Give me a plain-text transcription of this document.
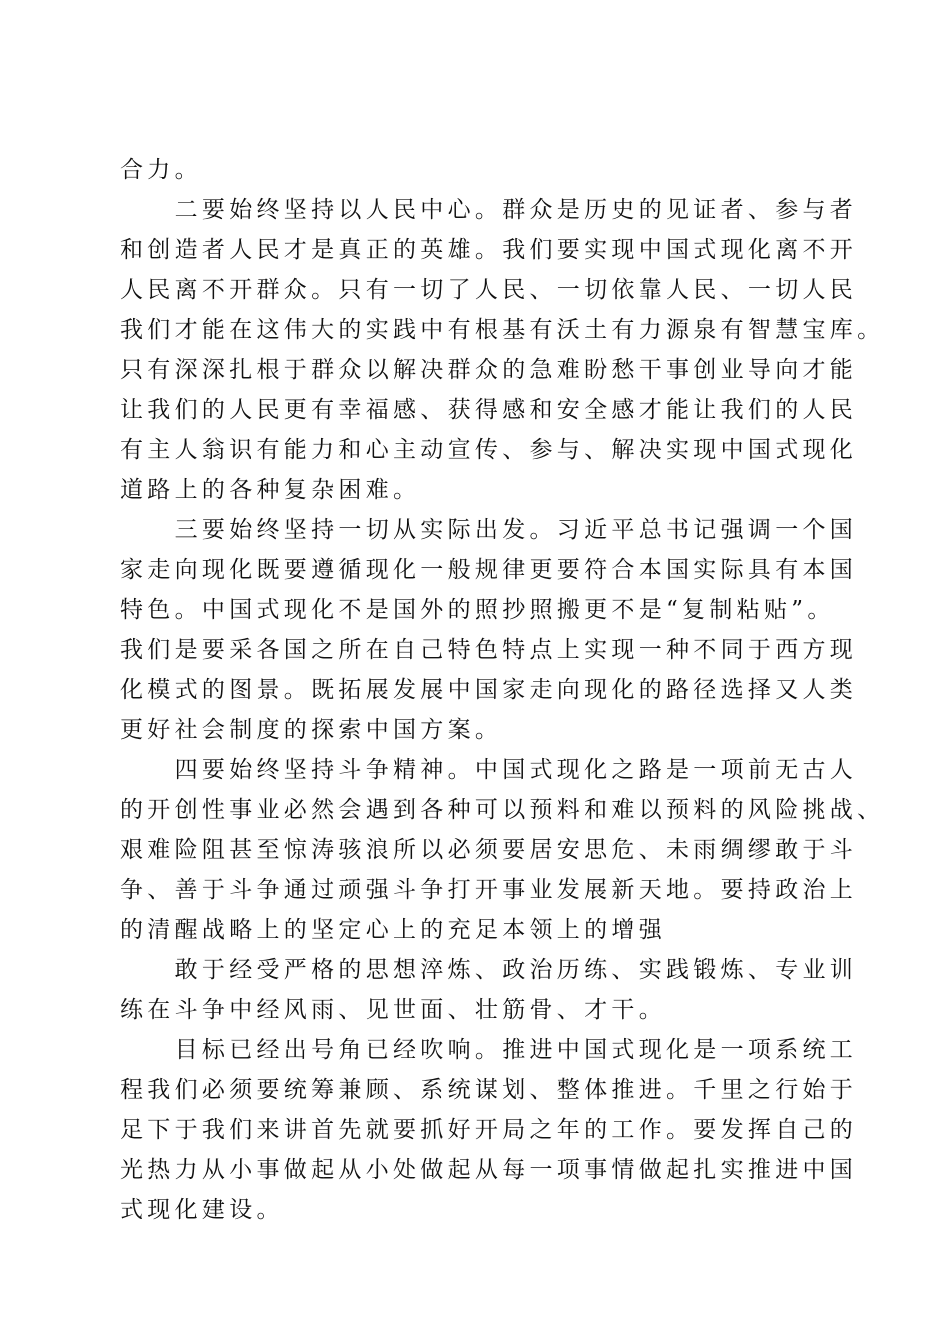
合力。
　　二要始终坚持以人民中心。群众是历史的见证者、参与者
和创造者人民才是真正的英雄。我们要实现中国式现化离不开
人民离不开群众。只有一切了人民、一切依靠人民、一切人民
我们才能在这伟大的实践中有根基有沃土有力源泉有智慧宝库。
只有深深扎根于群众以解决群众的急难盼愁干事创业导向才能
让我们的人民更有幸福感、获得感和安全感才能让我们的人民
有主人翁识有能力和心主动宣传、参与、解决实现中国式现化
道路上的各种复杂困难。
　　三要始终坚持一切从实际出发。习近平总书记强调一个国
家走向现化既要遵循现化一般规律更要符合本国实际具有本国
特色。中国式现化不是国外的照抄照搬更不是“复制粘贴”。
我们是要采各国之所在自己特色特点上实现一种不同于西方现
化模式的图景。既拓展发展中国家走向现化的路径选择又人类
更好社会制度的探索中国方案。
　　四要始终坚持斗争精神。中国式现化之路是一项前无古人
的开创性事业必然会遇到各种可以预料和难以预料的风险挑战、
艰难险阻甚至惊涛骇浪所以必须要居安思危、未雨绸缪敢于斗
争、善于斗争通过顽强斗争打开事业发展新天地。要持政治上
的清醒战略上的坚定心上的充足本领上的增强
　　敢于经受严格的思想淬炼、政治历练、实践锻炼、专业训
练在斗争中经风雨、见世面、壮筋骨、才干。
　　目标已经出号角已经吹响。推进中国式现化是一项系统工
程我们必须要统筹兼顾、系统谋划、整体推进。千里之行始于
足下于我们来讲首先就要抓好开局之年的工作。要发挥自己的
光热力从小事做起从小处做起从每一项事情做起扎实推进中国
式现化建设。
